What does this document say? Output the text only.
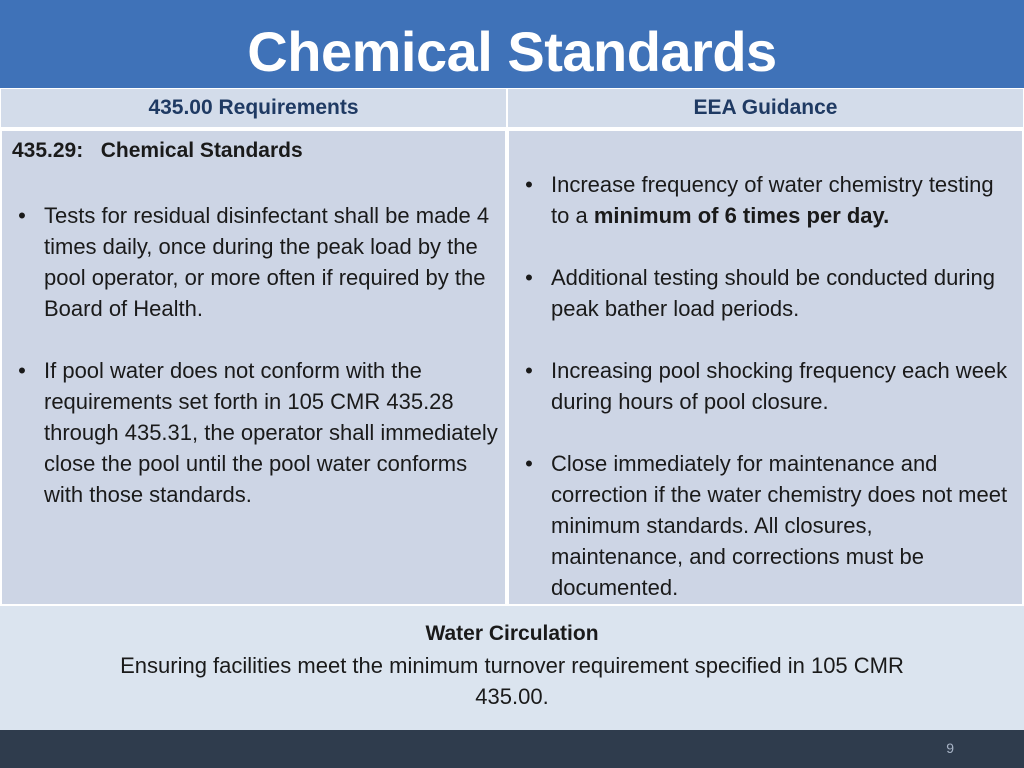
Chemical Standards
435.00 Requirements	EEA Guidance
435.29:   Chemical Standards
• Tests for residual disinfectant shall be made 4 times daily, once during the peak load by the pool operator, or more often if required by the Board of Health.
• If pool water does not conform with the requirements set forth in 105 CMR 435.28 through 435.31, the operator shall immediately close the pool until the pool water conforms with those standards.
• Increase frequency of water chemistry testing to a minimum of 6 times per day.
• Additional testing should be conducted during peak bather load periods.
• Increasing pool shocking frequency each week during hours of pool closure.
• Close immediately for maintenance and correction if the water chemistry does not meet minimum standards. All closures, maintenance, and corrections must be documented.
Water Circulation
Ensuring facilities meet the minimum turnover requirement specified in 105 CMR 435.00.
9
